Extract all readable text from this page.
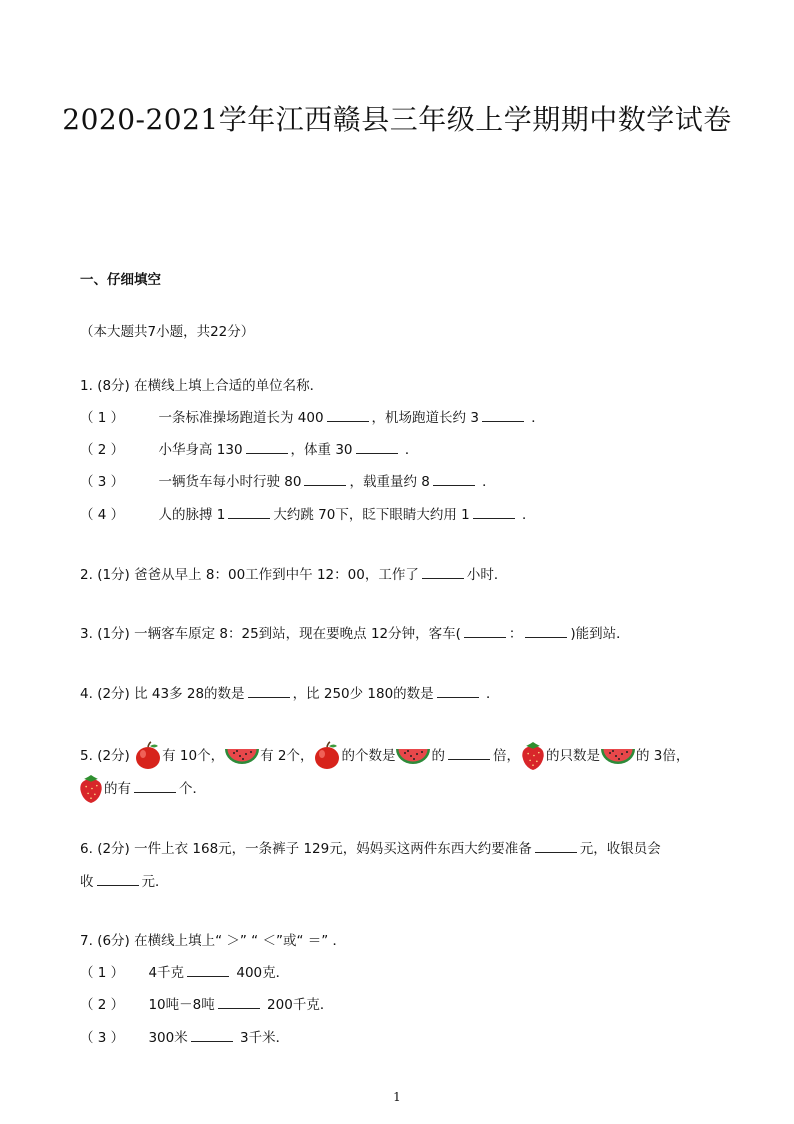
2020-2021学年江西赣县三年级上学期期中数学试卷
一、仔细填空
（本大题共7小题，共22分）
1. (8分) 在横线上填上合适的单位名称．
（ 1 ）	一条标准操场跑道长为 400	，机场跑道长约 3	．
（ 2 ）	小华身高 130	，体重 30	．
（ 3 ）	一辆货车每小时行驶 80	，载重量约 8	．
（ 4 ）	人的脉搏 1	大约跳 70下，眨下眼睛大约用 1	．
2. (1分) 爸爸从早上 8：00工作到中午 12：00，工作了	小时．
3. (1分) 一辆客车原定 8：25到站，现在要晚点 12分钟，客车(	：	)能到站．
4. (2分) 比 43多 28的数是	，比 250少 180的数是	．
5. (2分) 有 10个，	有 2个， 的个数是	的	倍， 的只数是	的 3倍，
的有	个．
6. (2分) 一件上衣 168元，一条裤子 129元，妈妈买这两件东西大约要准备	元，收银员会
收	元．
7. (6分) 在横线上填上“ ＞” “ ＜”或“ ＝” ．
（ 1 ） 4千克	400克．
（ 2 ） 10吨－8吨	200千克．
（ 3 ） 300米	3千米．
1
